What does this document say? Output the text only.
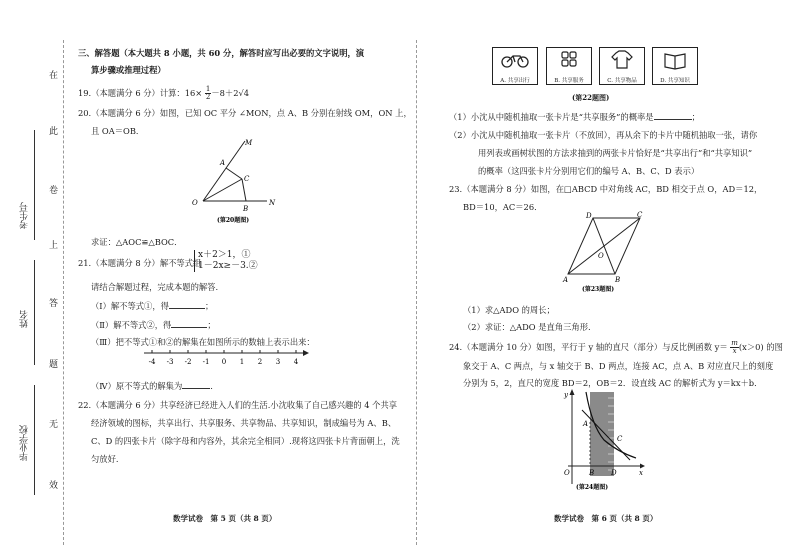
在
此
卷
上
答
题
无
效
考生号
姓名
毕业学校
三、解答题（本大题共 8 小题，共 60 分，解答时应写出必要的文字说明，演
算步骤或推理过程）
19.（本题满分 6 分）计算：$16\times \frac{1}{2} -8+2√4$
20.（本题满分 6 分）如图，已知 OC 平分 ∠MON，点 A、B 分别在射线 OM，ON 上，
且 OA＝OB．
M
A
C
O
B
N
(第20题图)
求证：△AOC≌△BOC．
21.（本题满分 8 分）解不等式组
x＋2＞1，①
1－2x≥－3.②
请结合解题过程，完成本题的解答.
（Ⅰ）解不等式①，得	；
（Ⅱ）解不等式②，得	；
（Ⅲ）把不等式①和②的解集在如图所示的数轴上表示出来：
-4 -3 -2 -1 0 1 2 3 4
（Ⅳ）原不等式的解集为	.
22.（本题满分 6 分）共享经济已经进入人们的生活.小沈收集了自己感兴趣的 4 个共享
经济领域的图标，共享出行、共享服务、共享物品、共享知识，制成编号为 A、B、
C、D 的四张卡片（除字母和内容外，其余完全相同）.现将这四张卡片背面朝上，洗
匀放好.
数学试卷　第 5 页（共 8 页）
A. 共享出行	B. 共享服务	C. 共享物品	D. 共享知识
(第22题图)
（1）小沈从中随机抽取一张卡片是“共享服务”的概率是	；
（2）小沈从中随机抽取一张卡片（不放回），再从余下的卡片中随机抽取一张，请你
用列表或画树状图的方法求抽到的两张卡片恰好是“共享出行”和“共享知识”
的概率（这四张卡片分别用它们的编号 A、B、C、D 表示）
23.（本题满分 8 分）如图，在□ABCD 中对角线 AC，BD 相交于点 O，AD＝12，
BD＝10，AC＝26．
D	C
O
A	B
(第23题图)
（1）求△ADO 的周长；
（2）求证：△ADO 是直角三角形.
24.（本题满分 10 分）如图，平行于 y 轴的直尺（部分）与反比例函数 $y= \frac{m}{x} (x>0)$ 的图
象交于 A、C 两点，与 x 轴交于 B、D 两点，连接 AC，点 A、B 对应直尺上的刻度
分别为 5，2，直尺的宽度 BD＝2，OB＝2．设直线 AC 的解析式为 y＝kx＋b．
y
A
C
O	B D	x
(第24题图)
数学试卷　第 6 页（共 8 页）
